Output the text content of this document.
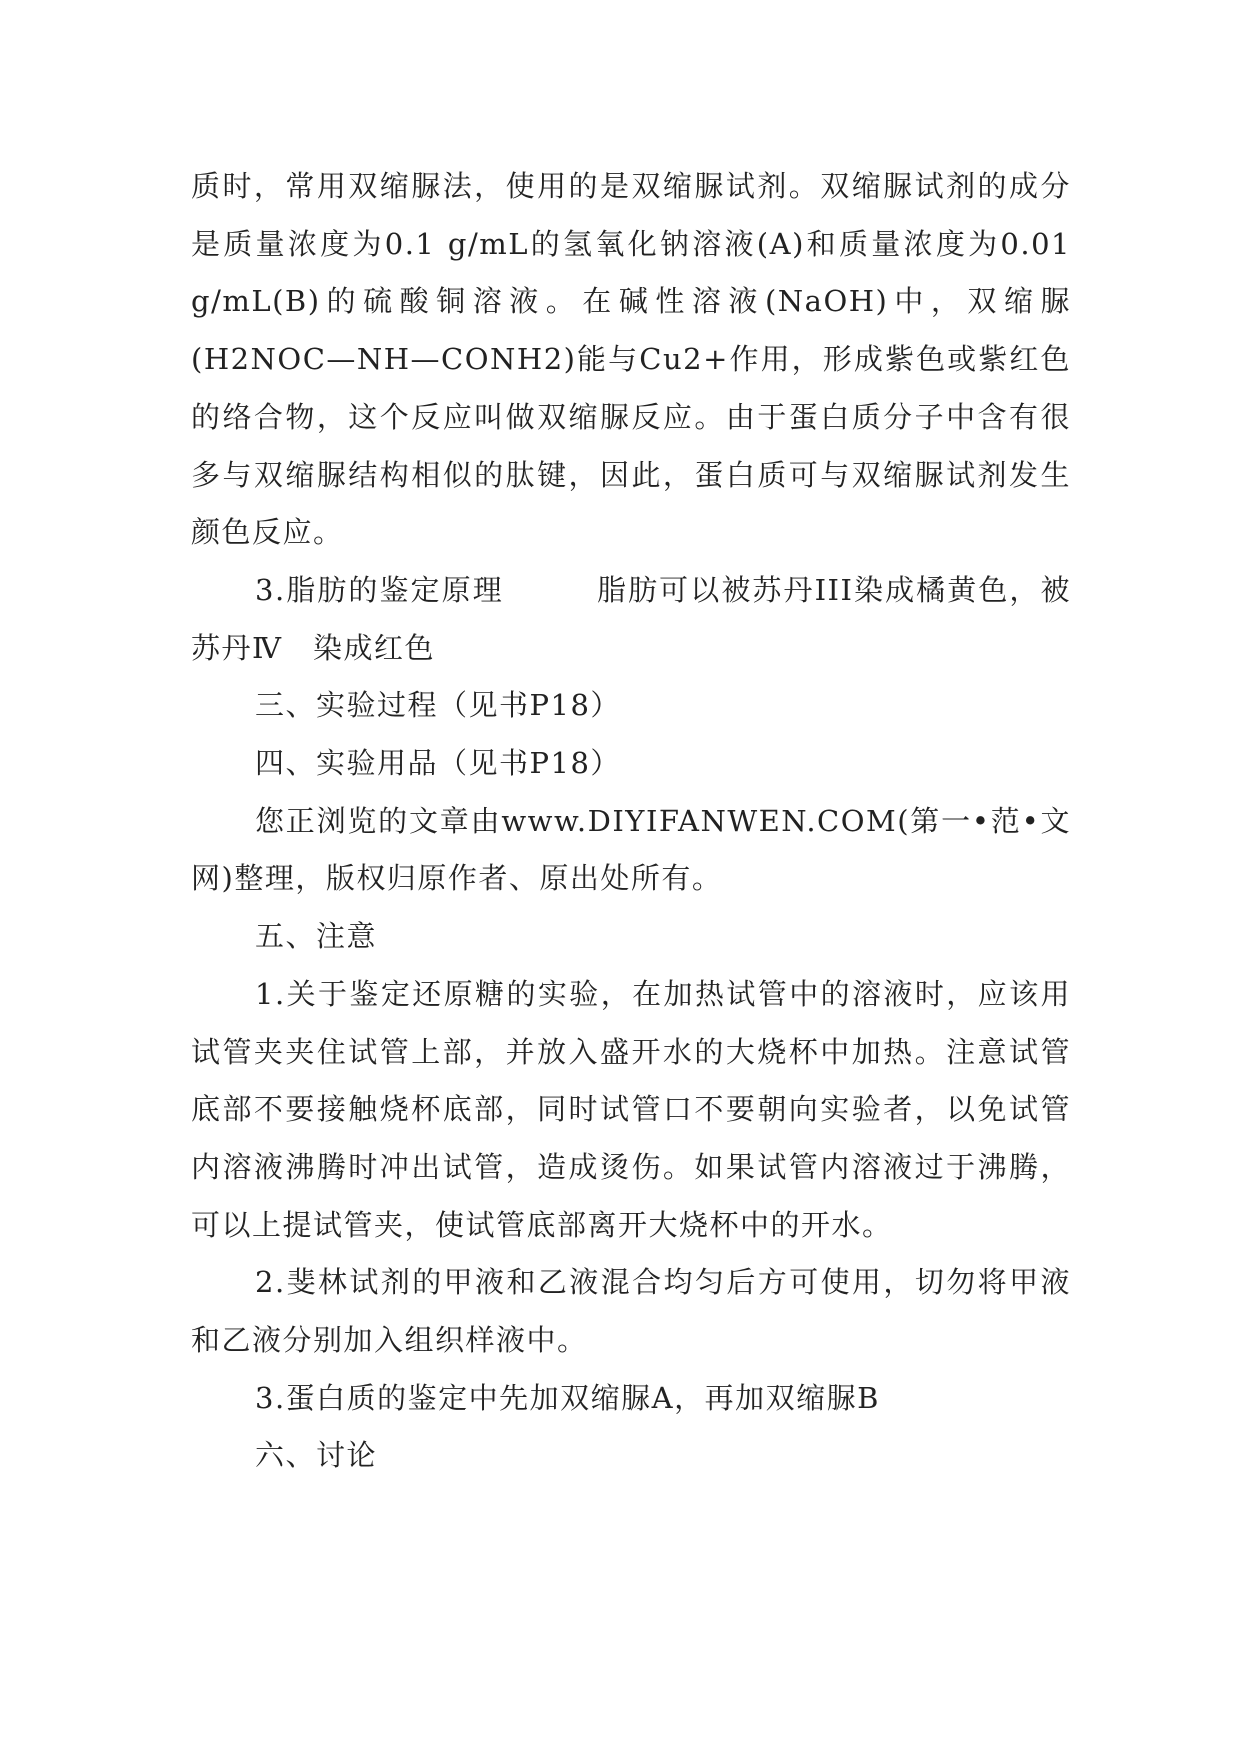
质时，常用双缩脲法，使用的是双缩脲试剂。双缩脲试剂的成分是质量浓度为0.1 g/mL的氢氧化钠溶液(A)和质量浓度为0.01 g/mL(B)的硫酸铜溶液。在碱性溶液(NaOH)中，双缩脲(H2NOC—NH—CONH2)能与Cu2+作用，形成紫色或紫红色的络合物，这个反应叫做双缩脲反应。由于蛋白质分子中含有很多与双缩脲结构相似的肽键，因此，蛋白质可与双缩脲试剂发生颜色反应。

3.脂肪的鉴定原理　　　脂肪可以被苏丹III染成橘黄色，被苏丹Ⅳ　染成红色

三、实验过程（见书P18）

四、实验用品（见书P18）

您正浏览的文章由www.DIYIFANWEN.COM(第一•范•文网)整理，版权归原作者、原出处所有。

五、注意

1.关于鉴定还原糖的实验，在加热试管中的溶液时，应该用试管夹夹住试管上部，并放入盛开水的大烧杯中加热。注意试管底部不要接触烧杯底部，同时试管口不要朝向实验者，以免试管内溶液沸腾时冲出试管，造成烫伤。如果试管内溶液过于沸腾，可以上提试管夹，使试管底部离开大烧杯中的开水。

2.斐林试剂的甲液和乙液混合均匀后方可使用，切勿将甲液和乙液分别加入组织样液中。

3.蛋白质的鉴定中先加双缩脲A，再加双缩脲B

六、讨论
